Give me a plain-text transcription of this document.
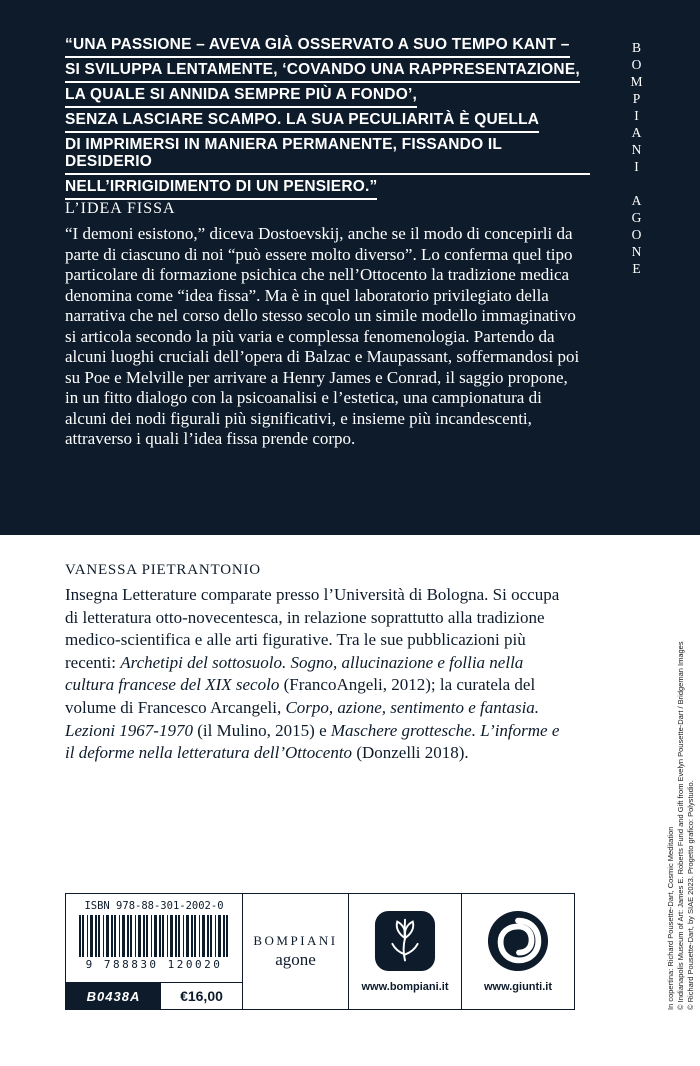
“UNA PASSIONE – AVEVA GIÀ OSSERVATO A SUO TEMPO KANT –
SI SVILUPPA LENTAMENTE, ‘COVANDO UNA RAPPRESENTAZIONE,
LA QUALE SI ANNIDA SEMPRE PIÙ A FONDO’,
SENZA LASCIARE SCAMPO. LA SUA PECULIARITÀ È QUELLA
DI IMPRIMERSI IN MANIERA PERMANENTE, FISSANDO IL DESIDERIO
NELL’IRRIGIDIMENTO DI UN PENSIERO.”	BOMPIANI AGONE
L’IDEA FISSA
“I demoni esistono,” diceva Dostoevskij, anche se il modo di concepirli da parte di ciascuno di noi “può essere molto diverso”. Lo conferma quel tipo particolare di formazione psichica che nell’Ottocento la tradizione medica denomina come “idea fissa”. Ma è in quel laboratorio privilegiato della narrativa che nel corso dello stesso secolo un simile modello immaginativo si articola secondo la più varia e complessa fenomenologia. Partendo da alcuni luoghi cruciali dell’opera di Balzac e Maupassant, soffermandosi poi su Poe e Melville per arrivare a Henry James e Conrad, il saggio propone, in un fitto dialogo con la psicoanalisi e l’estetica, una campionatura di alcuni dei nodi figurali più significativi, e insieme più incandescenti, attraverso i quali l’idea fissa prende corpo.
VANESSA PIETRANTONIO
Insegna Letterature comparate presso l’Università di Bologna. Si occupa di letteratura otto-novecentesca, in relazione soprattutto alla tradizione medico-scientifica e alle arti figurative. Tra le sue pubblicazioni più recenti: Archetipi del sottosuolo. Sogno, allucinazione e follia nella cultura francese del XIX secolo (FrancoAngeli, 2012); la curatela del volume di Francesco Arcangeli, Corpo, azione, sentimento e fantasia. Lezioni 1967-1970 (il Mulino, 2015) e Maschere grottesche. L’informe e il deforme nella letteratura dell’Ottocento (Donzelli 2018).
In copertina: Richard Pousette-Dart, Cosmic Meditation © Indianapolis Museum of Art: James E. Roberts Fund and Gift from Evelyn Pousette-Dart / Bridgeman Images © Richard Pousette-Dart, by SIAE 2023. Progetto grafico: Polystudio.
ISBN 978-88-301-2002-0
9 788830 120020
B0438A	€16,00
BOMPIANI
agone
www.bompiani.it	www.giunti.it
